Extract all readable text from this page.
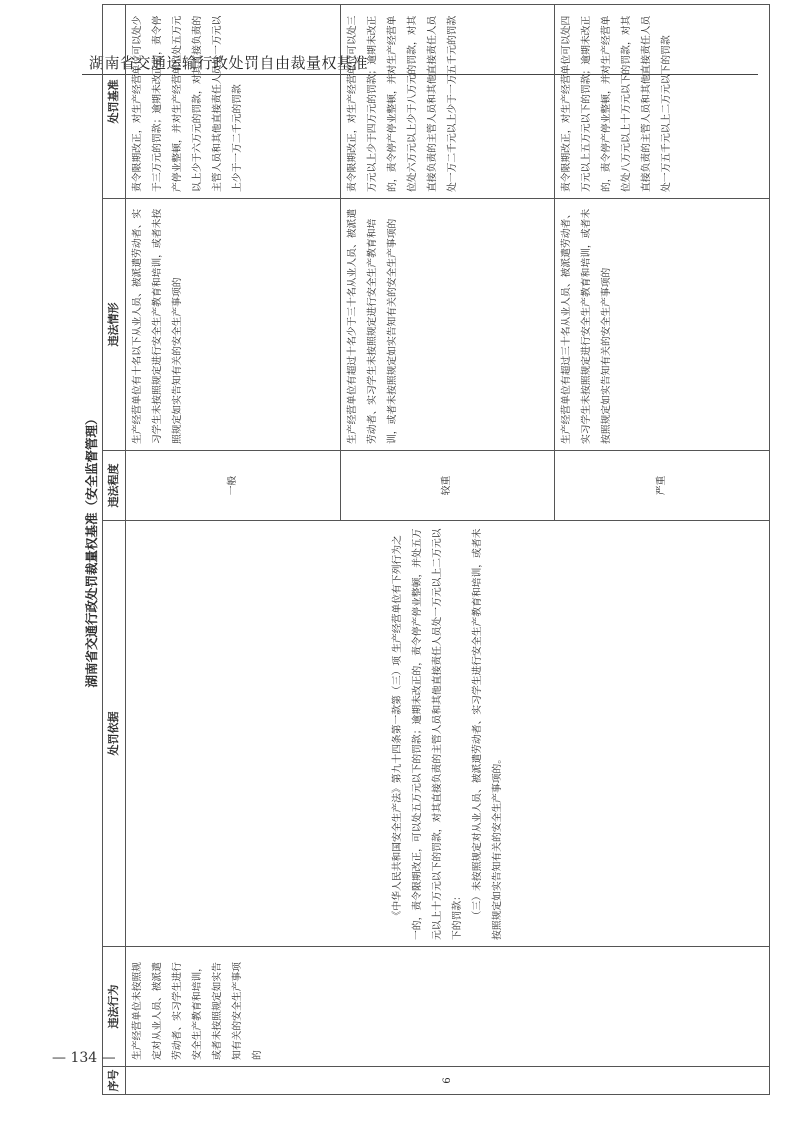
湖南省交通运输行政处罚自由裁量权基准
湖南省交通行政处罚裁量权基准（安全监督管理）
序号	违法行为	处罚依据	违法程度	违法情形	处罚基准
6	生产经营单位未按照规定对从业人员、被派遣劳动者、实习学生进行安全生产教育和培训，或者未按照规定如实告知有关的安全生产事项的	《中华人民共和国安全生产法》第九十四条第一款第（三）项 生产经营单位有下列行为之一的，责令限期改正，可以处五万元以下的罚款；逾期未改正的，责令停产停业整顿，并处五万元以上十万元以下的罚款，对其直接负责的主管人员和其他直接责任人员处一万元以上二万元以下的罚款： （三）未按照规定对从业人员、被派遣劳动者、实习学生进行安全生产教育和培训，或者未按照规定如实告知有关的安全生产事项的。	一般	生产经营单位有十名以下从业人员、被派遣劳动者、实习学生未按照规定进行安全生产教育和培训，或者未按照规定如实告知有关的安全生产事项的	责令限期改正，对生产经营单位可以处少于三万元的罚款；逾期未改正的，责令停产停业整顿，并对生产经营单位处五万元以上少于六万元的罚款，对其直接负责的主管人员和其他直接责任人员处一万元以上少于一万二千元的罚款
			较重	生产经营单位有超过十名少于三十名从业人员、被派遣劳动者、实习学生未按照规定进行安全生产教育和培训，或者未按照规定如实告知有关的安全生产事项的	责令限期改正，对生产经营单位可以处三万元以上少于四万元的罚款；逾期未改正的，责令停产停业整顿，并对生产经营单位处六万元以上少于八万元的罚款，对其直接负责的主管人员和其他直接责任人员处一万二千元以上少于一万五千元的罚款
			严重	生产经营单位有超过三十名从业人员、被派遣劳动者、实习学生未按照规定进行安全生产教育和培训，或者未按照规定如实告知有关的安全生产事项的	责令限期改正，对生产经营单位可以处四万元以上五万元以下的罚款；逾期未改正的，责令停产停业整顿，并对生产经营单位处八万元以上十万元以下的罚款，对其直接负责的主管人员和其他直接责任人员处一万五千元以上二万元以下的罚款
— 134 —
